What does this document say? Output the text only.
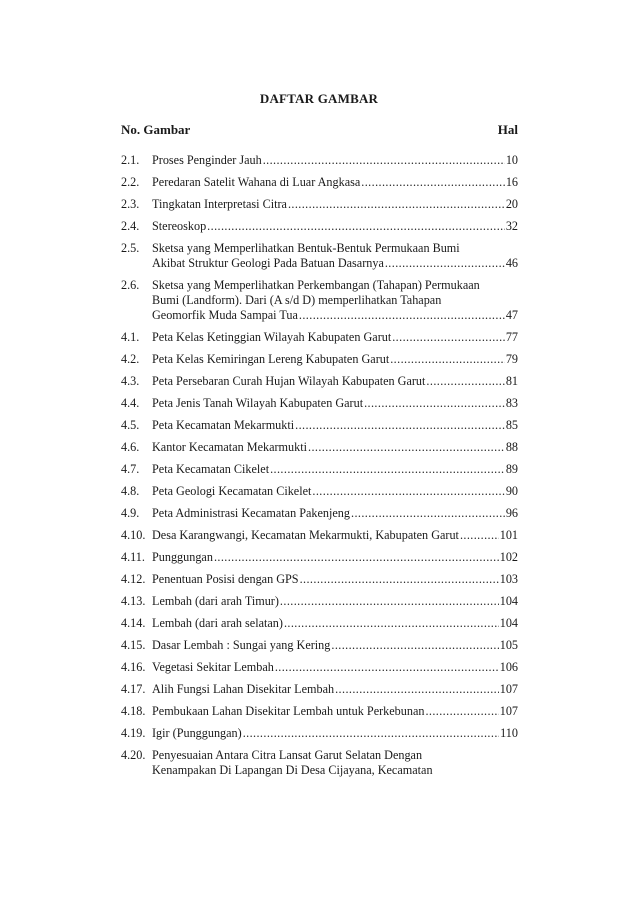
DAFTAR GAMBAR
No. Gambar	Hal
2.1.	Proses Penginder Jauh .....	10
2.2.	Peredaran Satelit Wahana di Luar Angkasa .....	16
2.3.	Tingkatan Interpretasi Citra .....	20
2.4.	Stereoskop .....	32
2.5.	Sketsa yang Memperlihatkan Bentuk-Bentuk Permukaan Bumi
Akibat Struktur Geologi Pada Batuan Dasarnya .....	46
2.6.	Sketsa yang Memperlihatkan Perkembangan (Tahapan) Permukaan
Bumi (Landform). Dari (A s/d D) memperlihatkan Tahapan
Geomorfik Muda Sampai Tua .....	47
4.1.	Peta Kelas Ketinggian Wilayah Kabupaten Garut .....	77
4.2.	Peta Kelas Kemiringan Lereng Kabupaten Garut .....	79
4.3.	Peta Persebaran Curah Hujan Wilayah Kabupaten Garut .....	81
4.4.	Peta Jenis Tanah Wilayah Kabupaten Garut .....	83
4.5.	Peta Kecamatan Mekarmukti .....	85
4.6.	Kantor Kecamatan Mekarmukti .....	88
4.7.	Peta Kecamatan Cikelet .....	89
4.8.	Peta Geologi Kecamatan Cikelet .....	90
4.9.	Peta Administrasi Kecamatan Pakenjeng .....	96
4.10. Desa Karangwangi, Kecamatan Mekarmukti, Kabupaten Garut .....	101
4.11. Punggungan .....	102
4.12. Penentuan Posisi dengan GPS .....	103
4.13. Lembah (dari arah Timur) .....	104
4.14. Lembah (dari arah selatan) .....	104
4.15. Dasar Lembah : Sungai yang Kering .....	105
4.16. Vegetasi Sekitar Lembah .....	106
4.17. Alih Fungsi Lahan Disekitar Lembah .....	107
4.18. Pembukaan Lahan Disekitar Lembah untuk Perkebunan .....	107
4.19. Igir (Punggungan) .....	110
4.20. Penyesuaian Antara Citra Lansat Garut Selatan Dengan
Kenampakan Di Lapangan Di Desa Cijayana, Kecamatan
